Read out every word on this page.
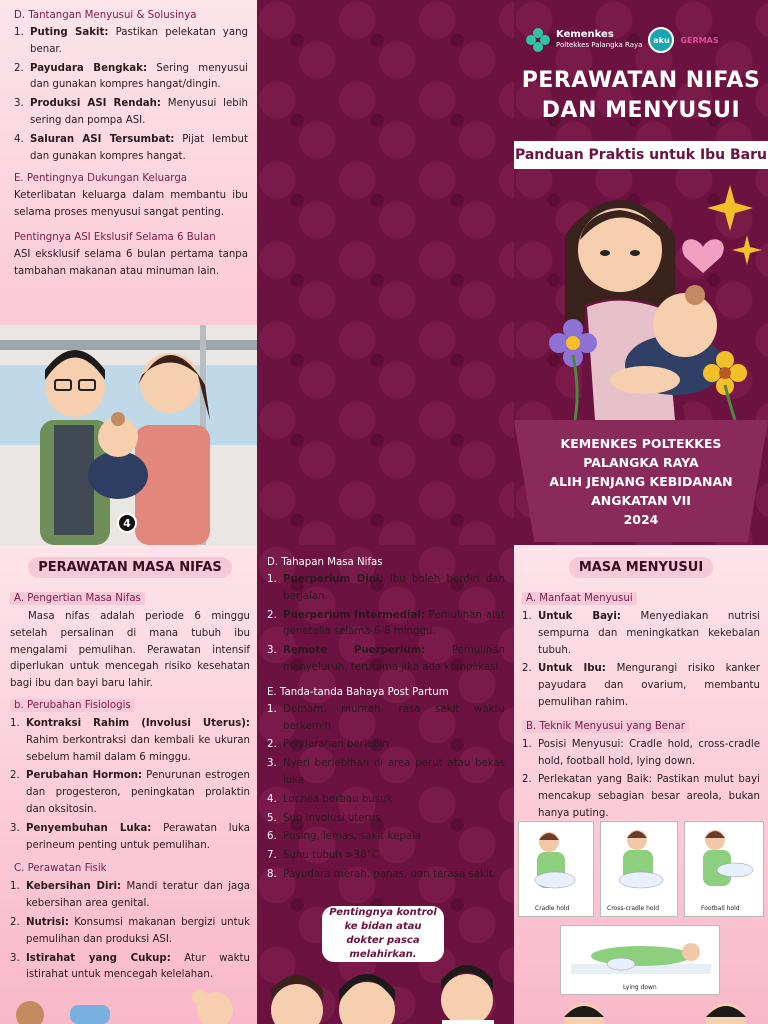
D. Tantangan Menyusui & Solusinya
Puting Sakit: Pastikan pelekatan yang benar.
Payudara Bengkak: Sering menyusui dan gunakan kompres hangat/dingin.
Produksi ASI Rendah: Menyusui lebih sering dan pompa ASI.
Saluran ASI Tersumbat: Pijat lembut dan gunakan kompres hangat.
E. Pentingnya Dukungan Keluarga
Keterlibatan keluarga dalam membantu ibu selama proses menyusui sangat penting.
Pentingnya ASI Ekslusif Selama 6 Bulan
ASI eksklusif selama 6 bulan pertama tanpa tambahan makanan atau minuman lain.
4
Kemenkes
Poltekkes Palangka Raya
aku	GERMAS
PERAWATAN NIFAS
DAN MENYUSUI
Panduan Praktis untuk Ibu Baru
KEMENKES POLTEKKES
PALANGKA RAYA
ALIH JENJANG KEBIDANAN
ANGKATAN VII
2024
PERAWATAN MASA NIFAS
A. Pengertian Masa Nifas
Masa nifas adalah periode 6 minggu setelah persalinan di mana tubuh ibu mengalami pemulihan. Perawatan intensif diperlukan untuk mencegah risiko kesehatan bagi ibu dan bayi baru lahir.
b. Perubahan Fisiologis
Kontraksi Rahim (Involusi Uterus): Rahim berkontraksi dan kembali ke ukuran sebelum hamil dalam 6 minggu.
Perubahan Hormon: Penurunan estrogen dan progesteron, peningkatan prolaktin dan oksitosin.
Penyembuhan Luka: Perawatan luka perineum penting untuk pemulihan.
C. Perawatan Fisik
Kebersihan Diri: Mandi teratur dan jaga kebersihan area genital.
Nutrisi: Konsumsi makanan bergizi untuk pemulihan dan produksi ASI.
Istirahat yang Cukup: Atur waktu istirahat untuk mencegah kelelahan.
D. Tahapan Masa Nifas
Puerperium Dini: Ibu boleh berdiri dan berjalan.
Puerperium Intermedial: Pemulihan alat genetalia selama 6-8 minggu.
Remote Puerperium: Pemulihan menyeluruh, terutama jika ada komplikasi.
E. Tanda-tanda Bahaya Post Partum
Demam, muntah, rasa sakit waktu berkemih
Pendarahan berlebih
Nyeri berlebihan di area perut atau bekas luka
Lochea berbau busuk
Sub involusi uterus
Pusing, lemas, sakit kepala
Suhu tubuh >38°C
Payudara merah, panas, dan terasa sakit
Pentingnya kontrol ke bidan atau dokter pasca melahirkan.
MASA MENYUSUI
A. Manfaat Menyusui
Untuk Bayi: Menyediakan nutrisi sempurna dan meningkatkan kekebalan tubuh.
Untuk Ibu: Mengurangi risiko kanker payudara dan ovarium, membantu pemulihan rahim.
B. Teknik Menyusui yang Benar
Posisi Menyusui: Cradle hold, cross-cradle hold, football hold, lying down.
Perlekatan yang Baik: Pastikan mulut bayi mencakup sebagian besar areola, bukan hanya puting.
Cradle hold	Cross-cradle hold	Football hold
Lying down
